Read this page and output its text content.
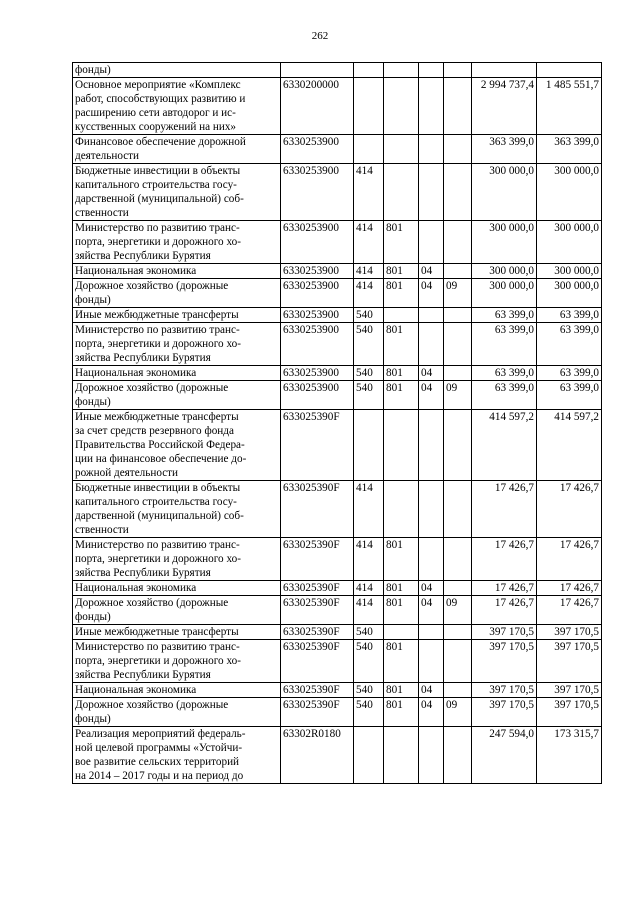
262
фонды)							

Основное мероприятие «Комплекс
работ, способствующих развитию и
расширению сети автодорог и ис-
кусственных сооружений на них»	6330200000					2 994 737,4	1 485 551,7

Финансовое обеспечение дорожной
деятельности	6330253900					363 399,0	363 399,0

Бюджетные инвестиции в объекты
капитального строительства госу-
дарственной (муниципальной) соб-
ственности	6330253900	414				300 000,0	300 000,0

Министерство по развитию транс-
порта, энергетики и дорожного хо-
зяйства Республики Бурятия	6330253900	414	801			300 000,0	300 000,0

Национальная экономика	6330253900	414	801	04		300 000,0	300 000,0

Дорожное хозяйство (дорожные
фонды)	6330253900	414	801	04	09	300 000,0	300 000,0

Иные межбюджетные трансферты	6330253900	540				63 399,0	63 399,0

Министерство по развитию транс-
порта, энергетики и дорожного хо-
зяйства Республики Бурятия	6330253900	540	801			63 399,0	63 399,0

Национальная экономика	6330253900	540	801	04		63 399,0	63 399,0

Дорожное хозяйство (дорожные
фонды)	6330253900	540	801	04	09	63 399,0	63 399,0

Иные межбюджетные трансферты
за счет средств резервного фонда
Правительства Российской Федера-
ции на финансовое обеспечение до-
рожной деятельности	633025390F					414 597,2	414 597,2

Бюджетные инвестиции в объекты
капитального строительства госу-
дарственной (муниципальной) соб-
ственности	633025390F	414				17 426,7	17 426,7

Министерство по развитию транс-
порта, энергетики и дорожного хо-
зяйства Республики Бурятия	633025390F	414	801			17 426,7	17 426,7

Национальная экономика	633025390F	414	801	04		17 426,7	17 426,7

Дорожное хозяйство (дорожные
фонды)	633025390F	414	801	04	09	17 426,7	17 426,7

Иные межбюджетные трансферты	633025390F	540				397 170,5	397 170,5

Министерство по развитию транс-
порта, энергетики и дорожного хо-
зяйства Республики Бурятия	633025390F	540	801			397 170,5	397 170,5

Национальная экономика	633025390F	540	801	04		397 170,5	397 170,5

Дорожное хозяйство (дорожные
фонды)	633025390F	540	801	04	09	397 170,5	397 170,5

Реализация мероприятий федераль-
ной целевой программы «Устойчи-
вое развитие сельских территорий
на 2014 – 2017 годы и на период до	63302R0180					247 594,0	173 315,7
